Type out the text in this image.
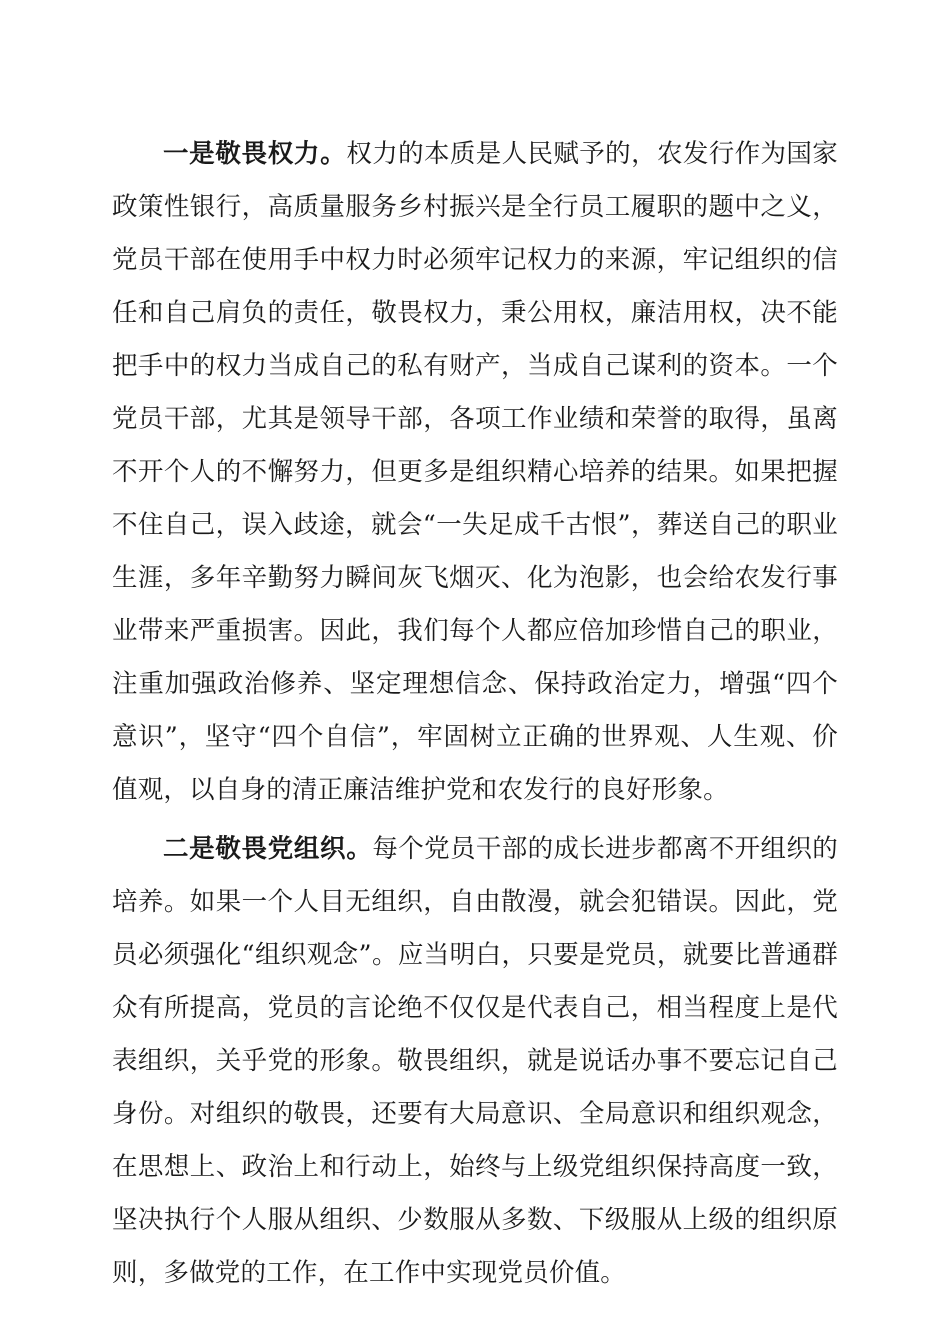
一是敬畏权力。权力的本质是人民赋予的，农发行作为国家政策性银行，高质量服务乡村振兴是全行员工履职的题中之义，党员干部在使用手中权力时必须牢记权力的来源，牢记组织的信任和自己肩负的责任，敬畏权力，秉公用权，廉洁用权，决不能把手中的权力当成自己的私有财产，当成自己谋利的资本。一个党员干部，尤其是领导干部，各项工作业绩和荣誉的取得，虽离不开个人的不懈努力，但更多是组织精心培养的结果。如果把握不住自己，误入歧途，就会“一失足成千古恨”，葬送自己的职业生涯，多年辛勤努力瞬间灰飞烟灭、化为泡影，也会给农发行事业带来严重损害。因此，我们每个人都应倍加珍惜自己的职业，注重加强政治修养、坚定理想信念、保持政治定力，增强“四个意识”，坚守“四个自信”，牢固树立正确的世界观、人生观、价值观，以自身的清正廉洁维护党和农发行的良好形象。

二是敬畏党组织。每个党员干部的成长进步都离不开组织的培养。如果一个人目无组织，自由散漫，就会犯错误。因此，党员必须强化“组织观念”。应当明白，只要是党员，就要比普通群众有所提高，党员的言论绝不仅仅是代表自己，相当程度上是代表组织，关乎党的形象。敬畏组织，就是说话办事不要忘记自己身份。对组织的敬畏，还要有大局意识、全局意识和组织观念，在思想上、政治上和行动上，始终与上级党组织保持高度一致，坚决执行个人服从组织、少数服从多数、下级服从上级的组织原则，多做党的工作，在工作中实现党员价值。
